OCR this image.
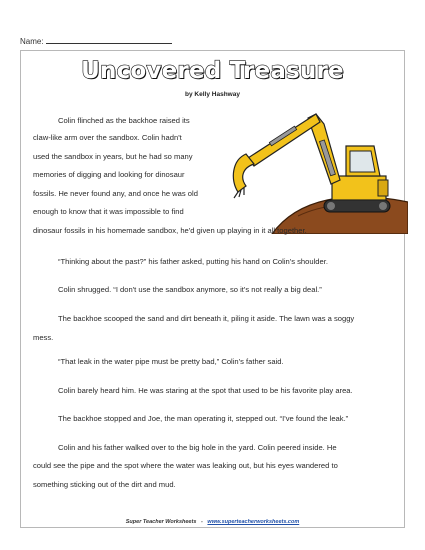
Name:
Uncovered Treasure
by Kelly Hashway
Colin flinched as the backhoe raised its
claw-like arm over the sandbox. Colin hadn't
used the sandbox in years, but he had so many
memories of digging and looking for dinosaur
fossils. He never found any, and once he was old
enough to know that it was impossible to find
dinosaur fossils in his homemade sandbox, he'd given up playing in it all together.
“Thinking about the past?” his father asked, putting his hand on Colin's shoulder.
Colin shrugged. “I don't use the sandbox anymore, so it's not really a big deal.”
The backhoe scooped the sand and dirt beneath it, piling it aside. The lawn was a soggy
mess.
“That leak in the water pipe must be pretty bad,” Colin's father said.
Colin barely heard him. He was staring at the spot that used to be his favorite play area.
The backhoe stopped and Joe, the man operating it, stepped out. “I've found the leak.”
Colin and his father walked over to the big hole in the yard. Colin peered inside. He
could see the pipe and the spot where the water was leaking out, but his eyes wandered to
something sticking out of the dirt and mud.
Super Teacher Worksheets - www.superteacherworksheets.com
